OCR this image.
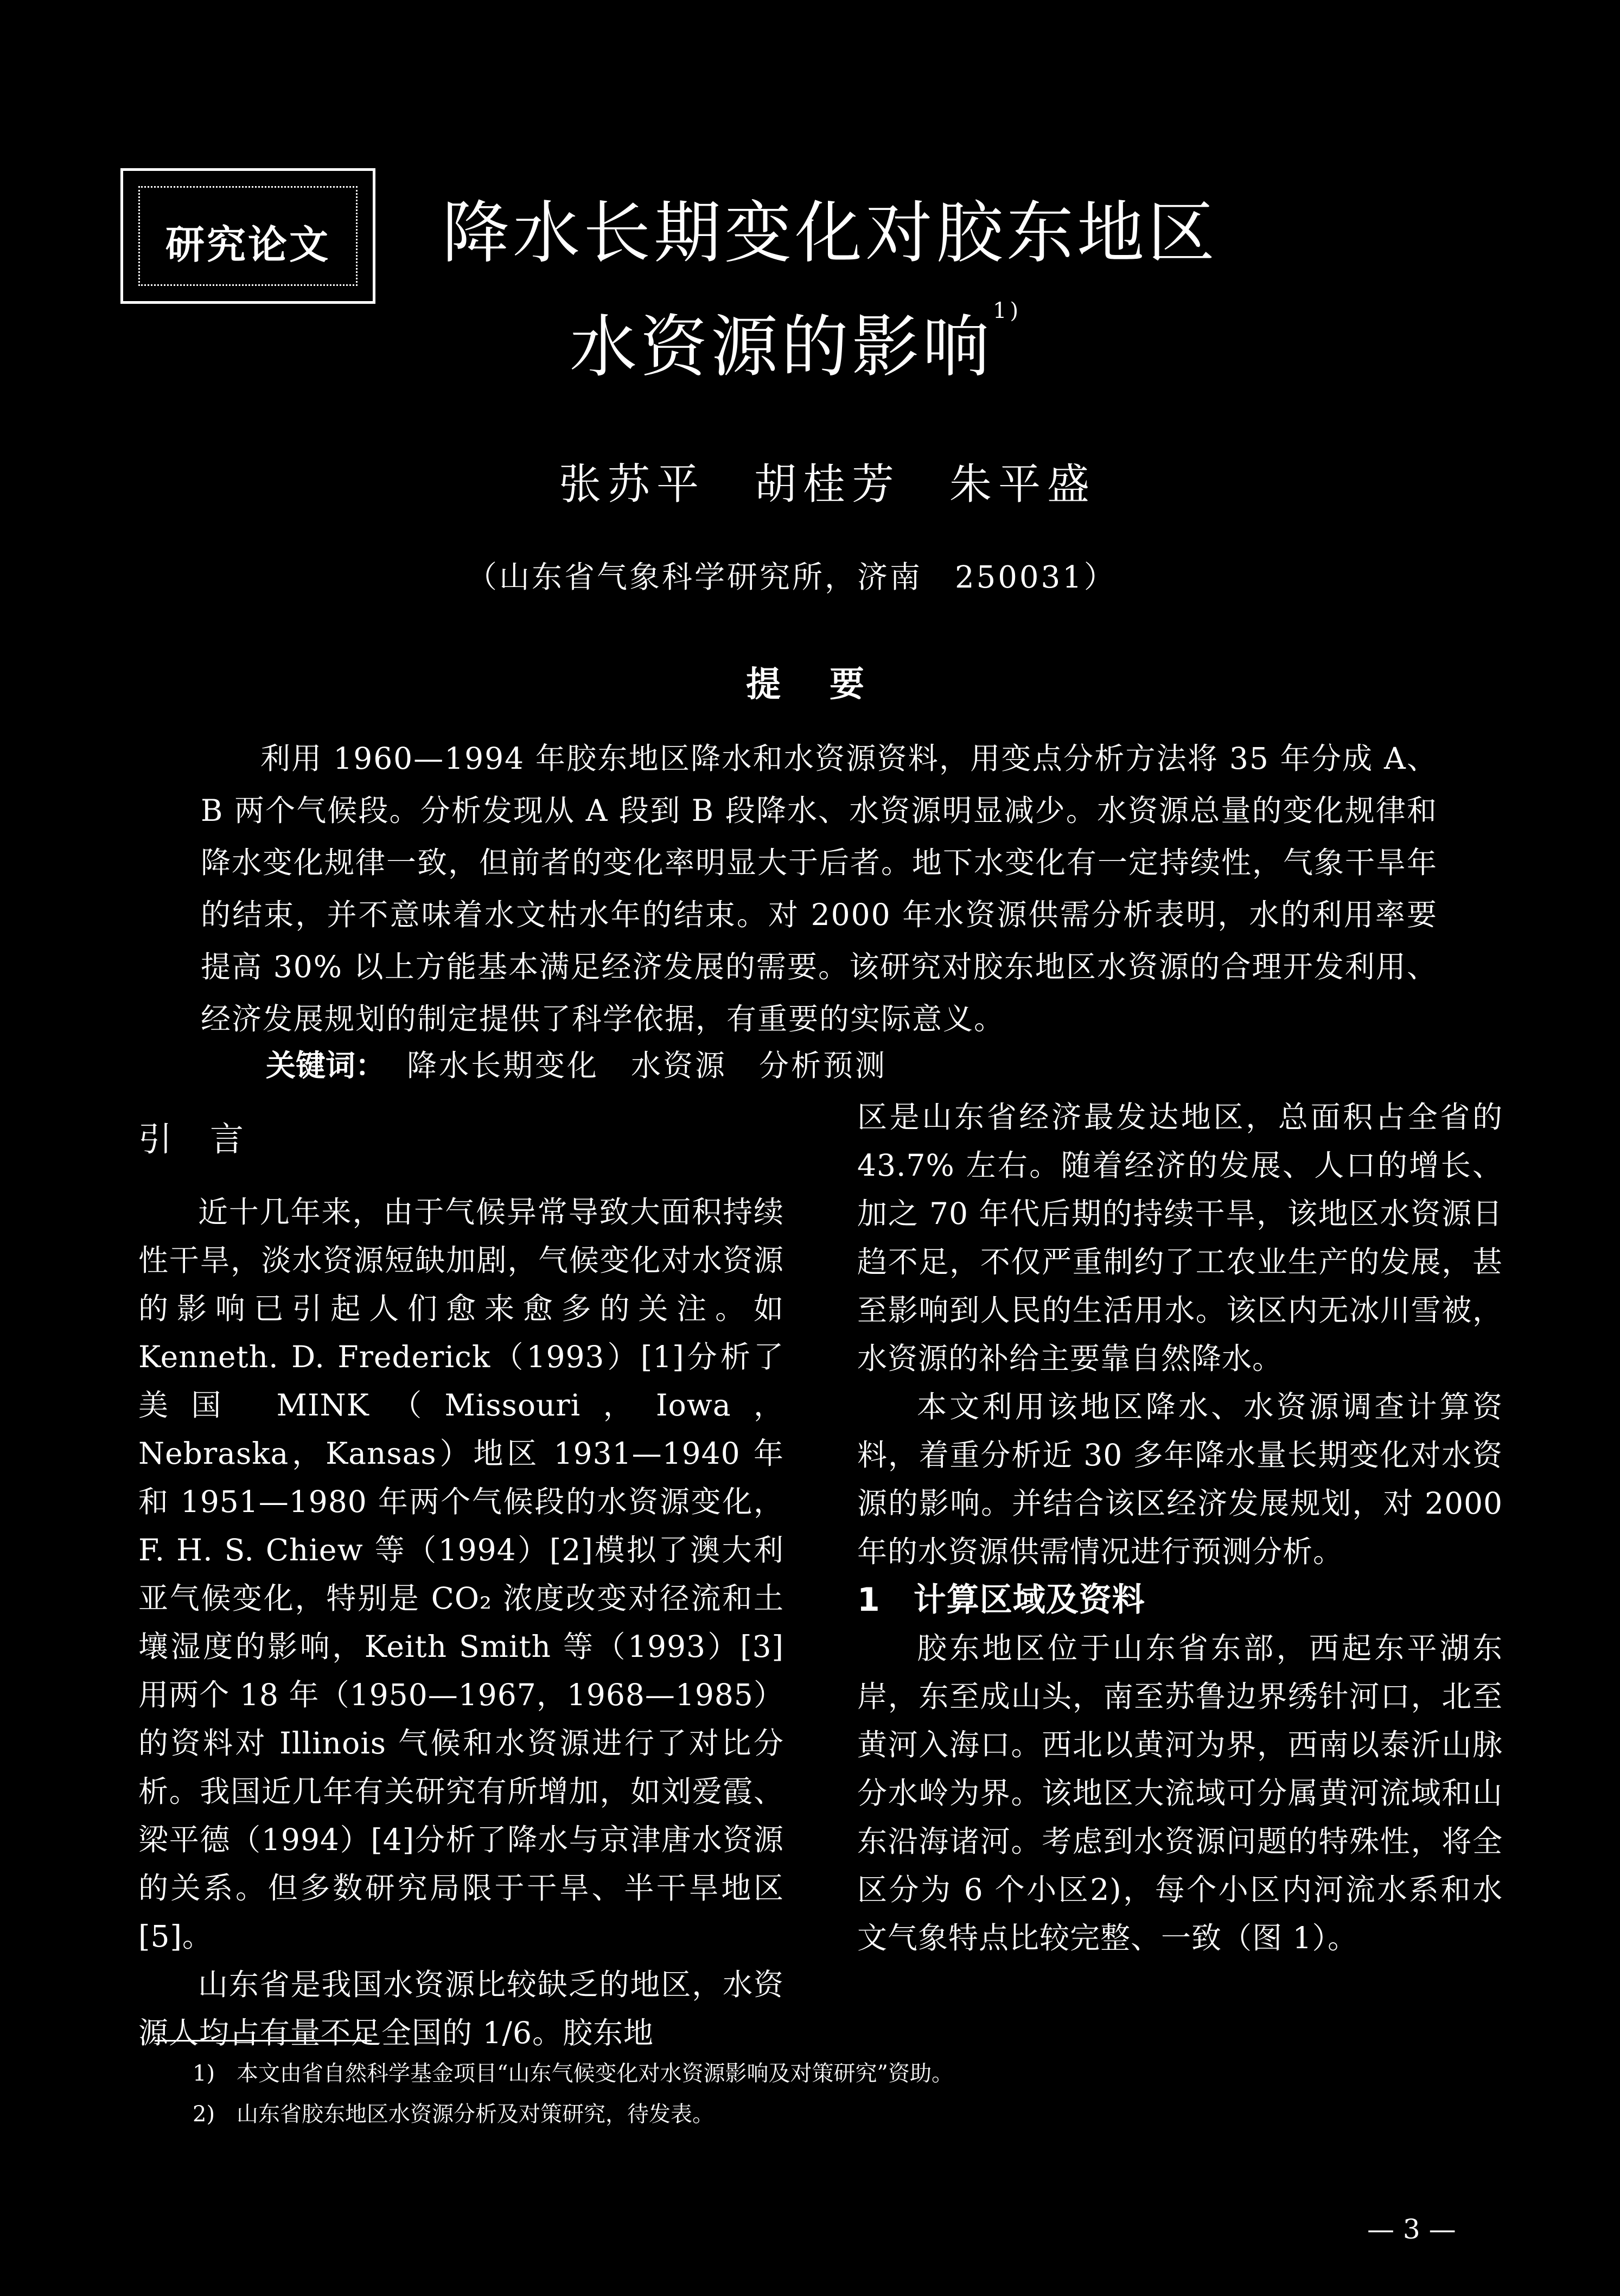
研究论文	降水长期变化对胶东地区
水资源的影响$^{1)}$
张苏平　胡桂芳　朱平盛
（山东省气象科学研究所，济南　250031）
提要
利用 1960—1994 年胶东地区降水和水资源资料，用变点分析方法将 35 年分成 A、B 两个气候段。分析发现从 A 段到 B 段降水、水资源明显减少。水资源总量的变化规律和降水变化规律一致，但前者的变化率明显大于后者。地下水变化有一定持续性，气象干旱年的结束，并不意味着水文枯水年的结束。对 2000 年水资源供需分析表明，水的利用率要提高 30% 以上方能基本满足经济发展的需要。该研究对胶东地区水资源的合理开发利用、经济发展规划的制定提供了科学依据，有重要的实际意义。
关键词： 降水长期变化　水资源　分析预测
引言

近十几年来，由于气候异常导致大面积持续性干旱，淡水资源短缺加剧，气候变化对水资源的影响已引起人们愈来愈多的关注。如 Kenneth. D. Frederick（1993）[1]分析了美国 MINK（Missouri，Iowa，Nebraska，Kansas）地区 1931—1940 年和 1951—1980 年两个气候段的水资源变化，F. H. S. Chiew 等（1994）[2]模拟了澳大利亚气候变化，特别是 CO₂ 浓度改变对径流和土壤湿度的影响，Keith Smith 等（1993）[3] 用两个 18 年（1950—1967，1968—1985）的资料对 Illinois 气候和水资源进行了对比分析。我国近几年有关研究有所增加，如刘爱霞、梁平德（1994）[4]分析了降水与京津唐水资源的关系。但多数研究局限于干旱、半干旱地区[5]。

山东省是我国水资源比较缺乏的地区，水资源人均占有量不足全国的 1/6。胶东地

区是山东省经济最发达地区，总面积占全省的 43.7% 左右。随着经济的发展、人口的增长、加之 70 年代后期的持续干旱，该地区水资源日趋不足，不仅严重制约了工农业生产的发展，甚至影响到人民的生活用水。该区内无冰川雪被，水资源的补给主要靠自然降水。

本文利用该地区降水、水资源调查计算资料，着重分析近 30 多年降水量长期变化对水资源的影响。并结合该区经济发展规划，对 2000 年的水资源供需情况进行预测分析。

1　计算区域及资料

胶东地区位于山东省东部，西起东平湖东岸，东至成山头，南至苏鲁边界绣针河口，北至黄河入海口。西北以黄河为界，西南以泰沂山脉分水岭为界。该地区大流域可分属黄河流域和山东沿海诸河。考虑到水资源问题的特殊性，将全区分为 6 个小区2)，每个小区内河流水系和水文气象特点比较完整、一致（图 1）。

1)　本文由省自然科学基金项目“山东气候变化对水资源影响及对策研究”资助。
2)　山东省胶东地区水资源分析及对策研究，待发表。
— 3 —
